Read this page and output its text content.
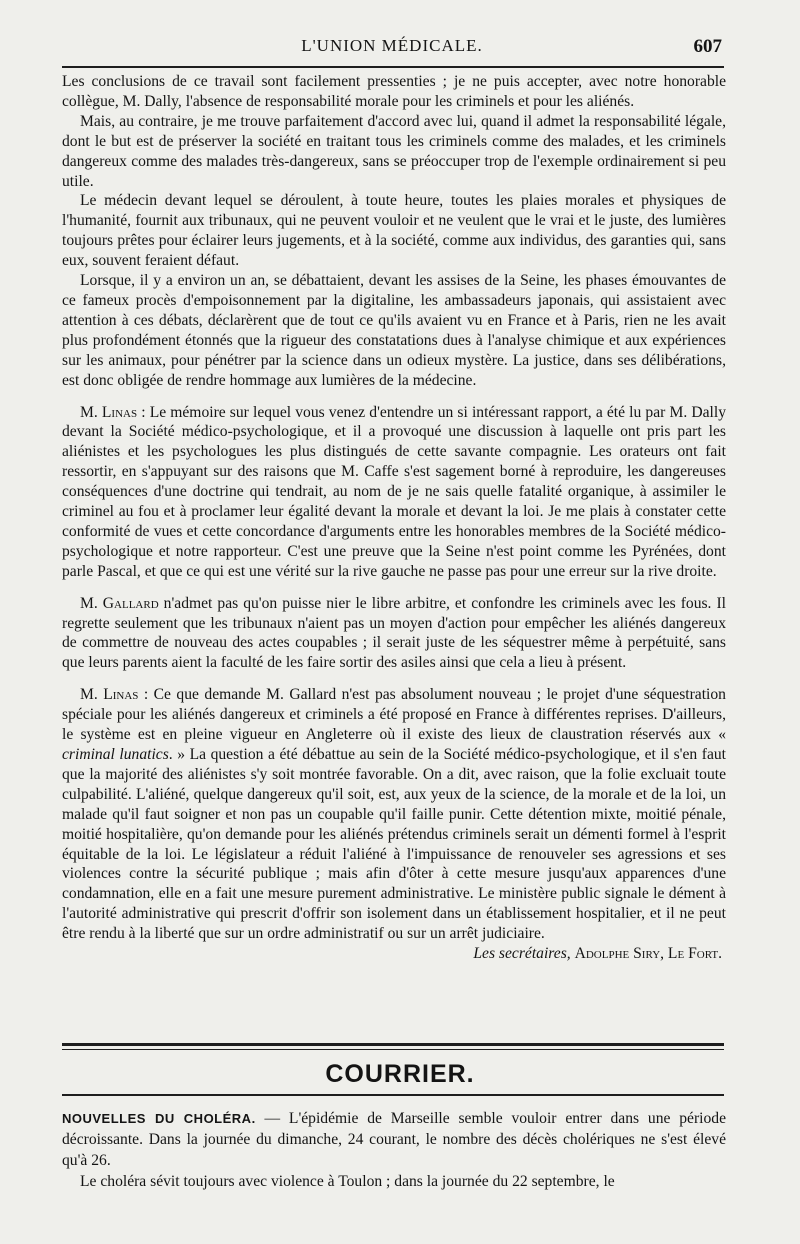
L'UNION MÉDICALE.	607

Les conclusions de ce travail sont facilement pressenties ; je ne puis accepter, avec notre honorable collègue, M. Dally, l'absence de responsabilité morale pour les criminels et pour les aliénés.

Mais, au contraire, je me trouve parfaitement d'accord avec lui, quand il admet la responsabilité légale, dont le but est de préserver la société en traitant tous les criminels comme des malades, et les criminels dangereux comme des malades très-dangereux, sans se préoccuper trop de l'exemple ordinairement si peu utile.

Le médecin devant lequel se déroulent, à toute heure, toutes les plaies morales et physiques de l'humanité, fournit aux tribunaux, qui ne peuvent vouloir et ne veulent que le vrai et le juste, des lumières toujours prêtes pour éclairer leurs jugements, et à la société, comme aux individus, des garanties qui, sans eux, souvent feraient défaut.

Lorsque, il y a environ un an, se débattaient, devant les assises de la Seine, les phases émouvantes de ce fameux procès d'empoisonnement par la digitaline, les ambassadeurs japonais, qui assistaient avec attention à ces débats, déclarèrent que de tout ce qu'ils avaient vu en France et à Paris, rien ne les avait plus profondément étonnés que la rigueur des constatations dues à l'analyse chimique et aux expériences sur les animaux, pour pénétrer par la science dans un odieux mystère. La justice, dans ses délibérations, est donc obligée de rendre hommage aux lumières de la médecine.

M. Linas : Le mémoire sur lequel vous venez d'entendre un si intéressant rapport, a été lu par M. Dally devant la Société médico-psychologique, et il a provoqué une discussion à laquelle ont pris part les aliénistes et les psychologues les plus distingués de cette savante compagnie. Les orateurs ont fait ressortir, en s'appuyant sur des raisons que M. Caffe s'est sagement borné à reproduire, les dangereuses conséquences d'une doctrine qui tendrait, au nom de je ne sais quelle fatalité organique, à assimiler le criminel au fou et à proclamer leur égalité devant la morale et devant la loi. Je me plais à constater cette conformité de vues et cette concordance d'arguments entre les honorables membres de la Société médico-psychologique et notre rapporteur. C'est une preuve que la Seine n'est point comme les Pyrénées, dont parle Pascal, et que ce qui est une vérité sur la rive gauche ne passe pas pour une erreur sur la rive droite.

M. Gallard n'admet pas qu'on puisse nier le libre arbitre, et confondre les criminels avec les fous. Il regrette seulement que les tribunaux n'aient pas un moyen d'action pour empêcher les aliénés dangereux de commettre de nouveau des actes coupables ; il serait juste de les séquestrer même à perpétuité, sans que leurs parents aient la faculté de les faire sortir des asiles ainsi que cela a lieu à présent.

M. Linas : Ce que demande M. Gallard n'est pas absolument nouveau ; le projet d'une séquestration spéciale pour les aliénés dangereux et criminels a été proposé en France à différentes reprises. D'ailleurs, le système est en pleine vigueur en Angleterre où il existe des lieux de claustration réservés aux « criminal lunatics. » La question a été débattue au sein de la Société médico-psychologique, et il s'en faut que la majorité des aliénistes s'y soit montrée favorable. On a dit, avec raison, que la folie excluait toute culpabilité. L'aliéné, quelque dangereux qu'il soit, est, aux yeux de la science, de la morale et de la loi, un malade qu'il faut soigner et non pas un coupable qu'il faille punir. Cette détention mixte, moitié pénale, moitié hospitalière, qu'on demande pour les aliénés prétendus criminels serait un démenti formel à l'esprit équitable de la loi. Le législateur a réduit l'aliéné à l'impuissance de renouveler ses agressions et ses violences contre la sécurité publique ; mais afin d'ôter à cette mesure jusqu'aux apparences d'une condamnation, elle en a fait une mesure purement administrative. Le ministère public signale le dément à l'autorité administrative qui prescrit d'offrir son isolement dans un établissement hospitalier, et il ne peut être rendu à la liberté que sur un ordre administratif ou sur un arrêt judiciaire.

Les secrétaires, Adolphe Siry, Le Fort.

COURRIER.

NOUVELLES DU CHOLÉRA. — L'épidémie de Marseille semble vouloir entrer dans une période décroissante. Dans la journée du dimanche, 24 courant, le nombre des décès cholériques ne s'est élevé qu'à 26.

Le choléra sévit toujours avec violence à Toulon ; dans la journée du 22 septembre, le
